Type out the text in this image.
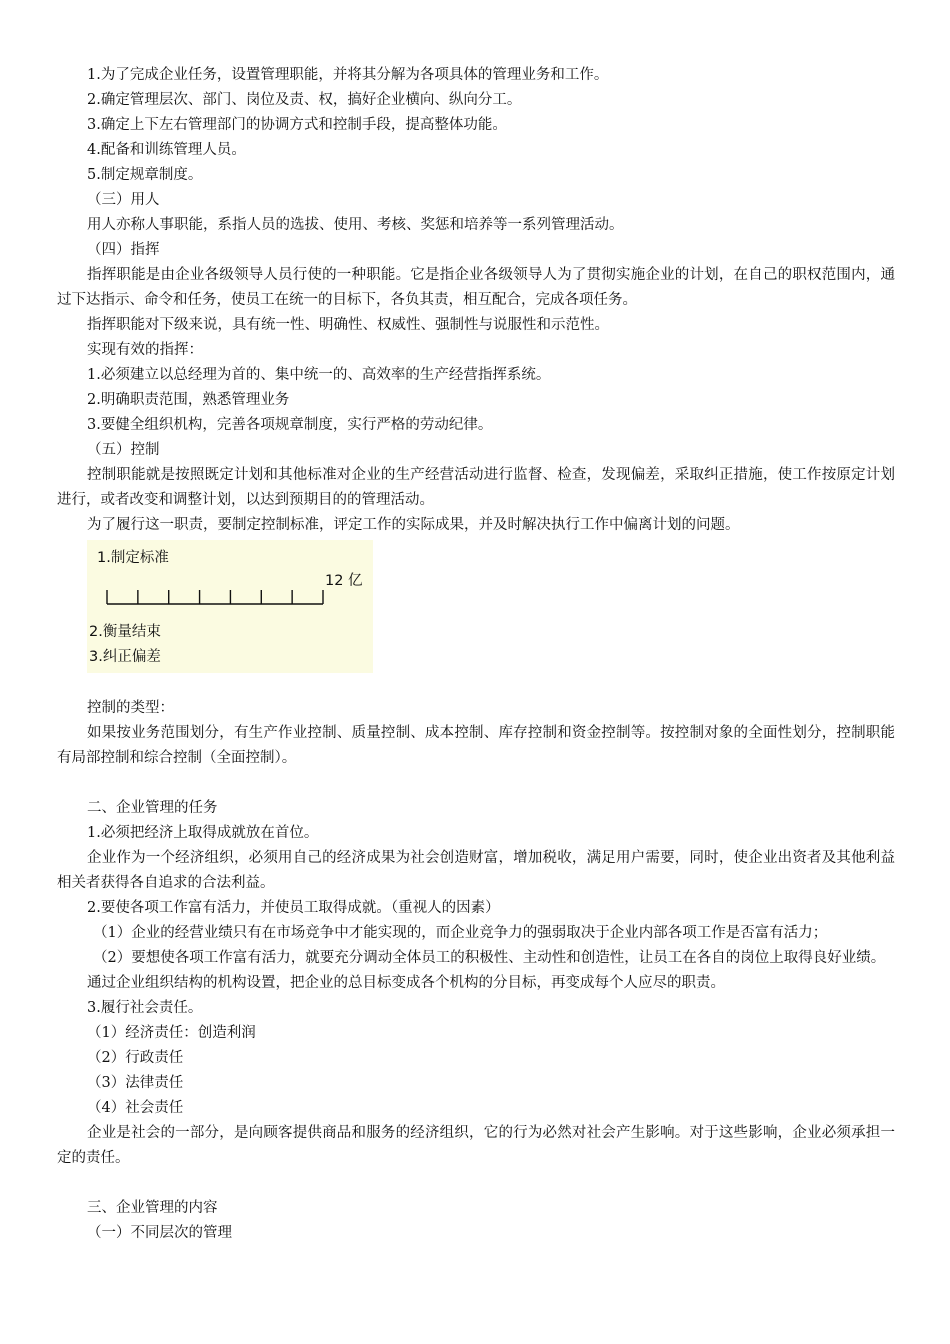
1.为了完成企业任务，设置管理职能，并将其分解为各项具体的管理业务和工作。

2.确定管理层次、部门、岗位及责、权，搞好企业横向、纵向分工。

3.确定上下左右管理部门的协调方式和控制手段，提高整体功能。

4.配备和训练管理人员。

5.制定规章制度。

（三）用人

用人亦称人事职能，系指人员的选拔、使用、考核、奖惩和培养等一系列管理活动。

（四）指挥

指挥职能是由企业各级领导人员行使的一种职能。它是指企业各级领导人为了贯彻实施企业的计划，在自己的职权范围内，通过下达指示、命令和任务，使员工在统一的目标下，各负其责，相互配合，完成各项任务。

指挥职能对下级来说，具有统一性、明确性、权威性、强制性与说服性和示范性。

实现有效的指挥：

1.必须建立以总经理为首的、集中统一的、高效率的生产经营指挥系统。

2.明确职责范围，熟悉管理业务

3.要健全组织机构，完善各项规章制度，实行严格的劳动纪律。

（五）控制

控制职能就是按照既定计划和其他标准对企业的生产经营活动进行监督、检查，发现偏差，采取纠正措施，使工作按原定计划进行，或者改变和调整计划，以达到预期目的的管理活动。

为了履行这一职责，要制定控制标准，评定工作的实际成果，并及时解决执行工作中偏离计划的问题。

1.制定标准
12 亿
2.衡量结束
3.纠正偏差

控制的类型：

如果按业务范围划分，有生产作业控制、质量控制、成本控制、库存控制和资金控制等。按控制对象的全面性划分，控制职能有局部控制和综合控制（全面控制）。

二、企业管理的任务

1.必须把经济上取得成就放在首位。

企业作为一个经济组织，必须用自己的经济成果为社会创造财富，增加税收，满足用户需要，同时，使企业出资者及其他利益相关者获得各自追求的合法利益。

2.要使各项工作富有活力，并使员工取得成就。（重视人的因素）

（1）企业的经营业绩只有在市场竞争中才能实现的，而企业竞争力的强弱取决于企业内部各项工作是否富有活力；

（2）要想使各项工作富有活力，就要充分调动全体员工的积极性、主动性和创造性，让员工在各自的岗位上取得良好业绩。

通过企业组织结构的机构设置，把企业的总目标变成各个机构的分目标，再变成每个人应尽的职责。

3.履行社会责任。

（1）经济责任：创造利润

（2）行政责任

（3）法律责任

（4）社会责任

企业是社会的一部分，是向顾客提供商品和服务的经济组织，它的行为必然对社会产生影响。对于这些影响，企业必须承担一定的责任。

三、企业管理的内容

（一）不同层次的管理
